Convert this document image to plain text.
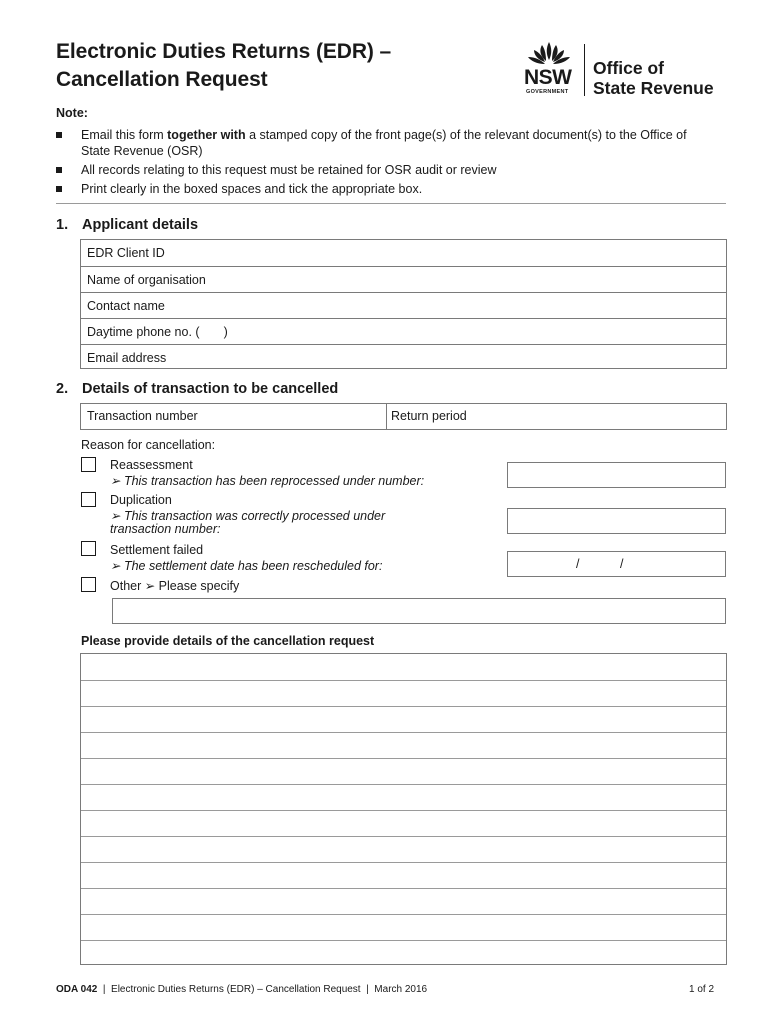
Electronic Duties Returns (EDR) –
Cancellation Request	NSW
GOVERNMENT
Office of
State Revenue
Note:
Email this form together with a stamped copy of the front page(s) of the relevant document(s) to the Office of State Revenue (OSR)
All records relating to this request must be retained for OSR audit or review
Print clearly in the boxed spaces and tick the appropriate box.
1. Applicant details
EDR Client ID
Name of organisation
Contact name
Daytime phone no. ( )
Email address
2. Details of transaction to be cancelled
Transaction number	Return period
Reason for cancellation:
Reassessment
➢ This transaction has been reprocessed under number:
Duplication
➢ This transaction was correctly processed under
transaction number:
Settlement failed
➢ The settlement date has been rescheduled for:	/	/
Other ➢ Please specify
Please provide details of the cancellation request
ODA 042  |  Electronic Duties Returns (EDR) – Cancellation Request  |  March 2016	1 of 2
